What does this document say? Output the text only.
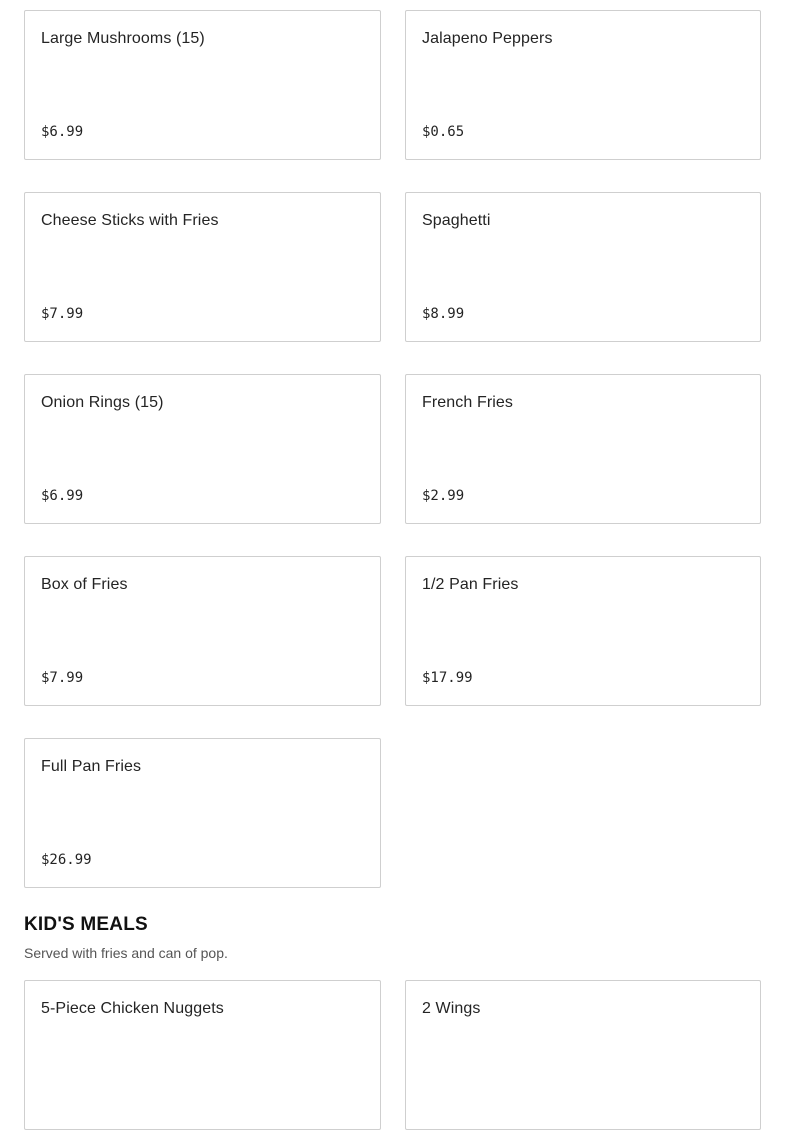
Large Mushrooms (15)
$6.99
Jalapeno Peppers
$0.65
Cheese Sticks with Fries
$7.99
Spaghetti
$8.99
Onion Rings (15)
$6.99
French Fries
$2.99
Box of Fries
$7.99
1/2 Pan Fries
$17.99
Full Pan Fries
$26.99
KID'S MEALS

Served with fries and can of pop.

5-Piece Chicken Nuggets	2 Wings
